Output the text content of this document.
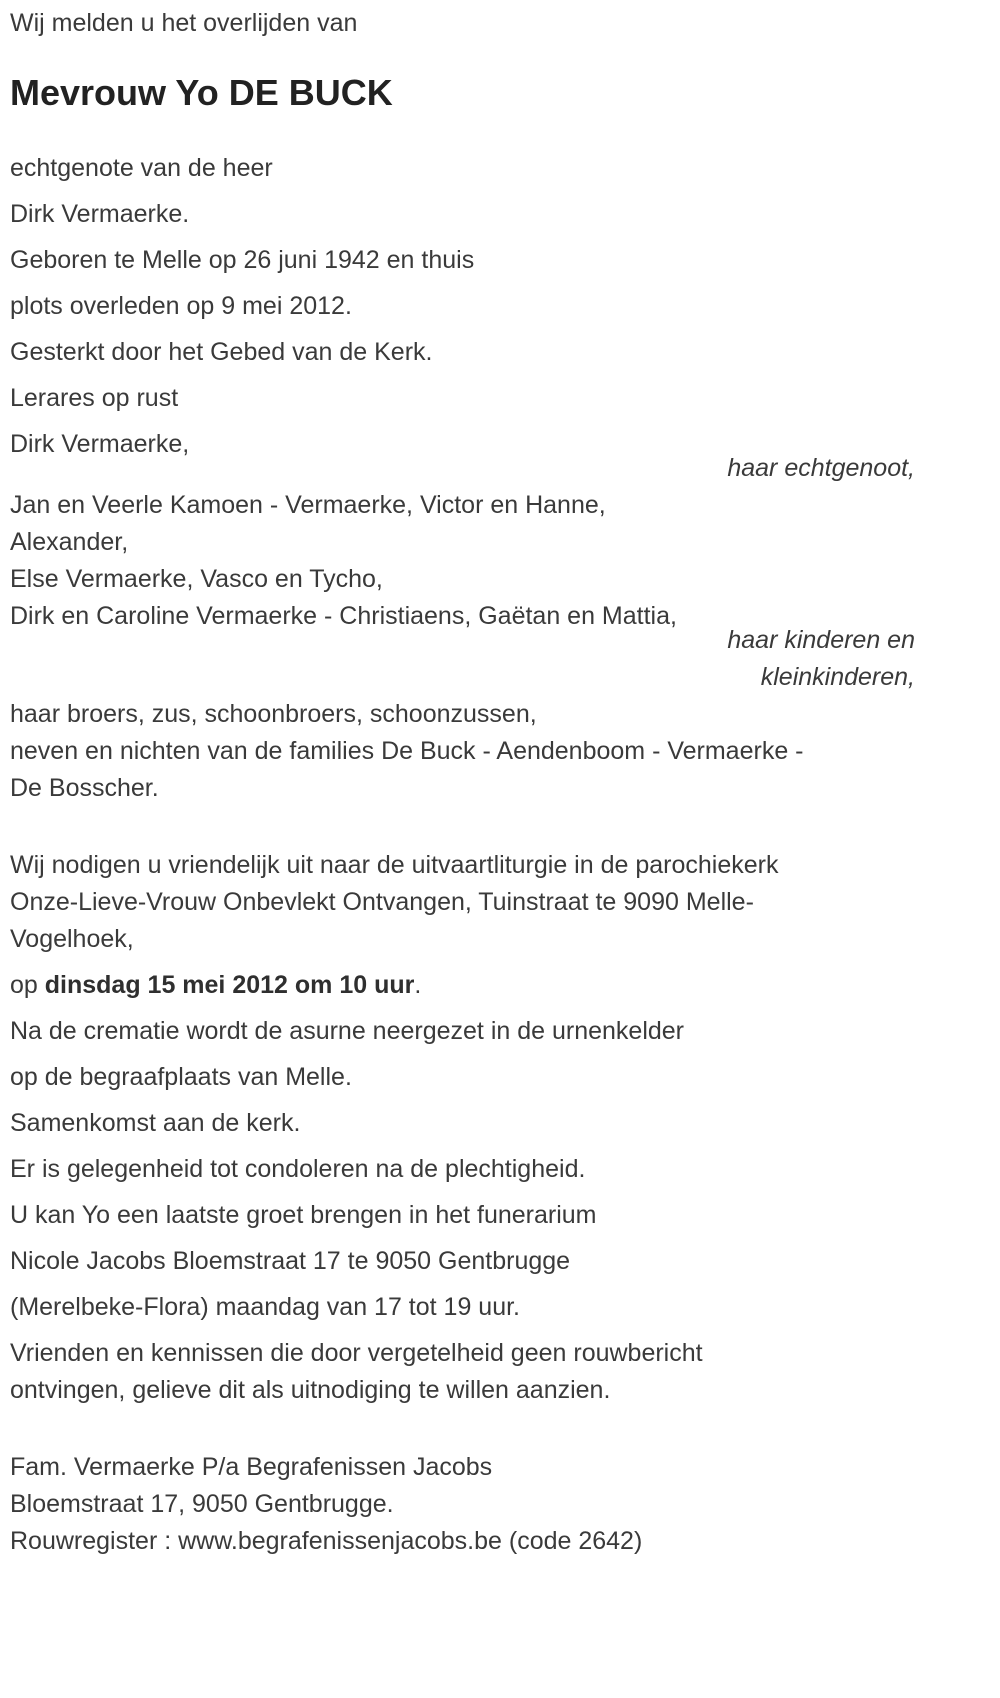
Wij melden u het overlijden van

Mevrouw Yo DE BUCK

echtgenote van de heer

Dirk Vermaerke.

Geboren te Melle op 26 juni 1942 en thuis

plots overleden op 9 mei 2012.

Gesterkt door het Gebed van de Kerk.

Lerares op rust

Dirk Vermaerke,

haar echtgenoot,

Jan en Veerle Kamoen - Vermaerke, Victor en Hanne,

Alexander,

Else Vermaerke, Vasco en Tycho,

Dirk en Caroline Vermaerke - Christiaens, Gaëtan en Mattia,

haar kinderen en

kleinkinderen,

haar broers, zus, schoonbroers, schoonzussen,

neven en nichten van de families De Buck - Aendenboom - Vermaerke -

De Bosscher.

Wij nodigen u vriendelijk uit naar de uitvaartliturgie in de parochiekerk

Onze-Lieve-Vrouw Onbevlekt Ontvangen, Tuinstraat te 9090 Melle-

Vogelhoek,

op dinsdag 15 mei 2012 om 10 uur.

Na de crematie wordt de asurne neergezet in de urnenkelder

op de begraafplaats van Melle.

Samenkomst aan de kerk.

Er is gelegenheid tot condoleren na de plechtigheid.

U kan Yo een laatste groet brengen in het funerarium

Nicole Jacobs Bloemstraat 17 te 9050 Gentbrugge

(Merelbeke-Flora) maandag van 17 tot 19 uur.

Vrienden en kennissen die door vergetelheid geen rouwbericht

ontvingen, gelieve dit als uitnodiging te willen aanzien.

Fam. Vermaerke P/a Begrafenissen Jacobs

Bloemstraat 17, 9050 Gentbrugge.

Rouwregister : www.begrafenissenjacobs.be (code 2642)
